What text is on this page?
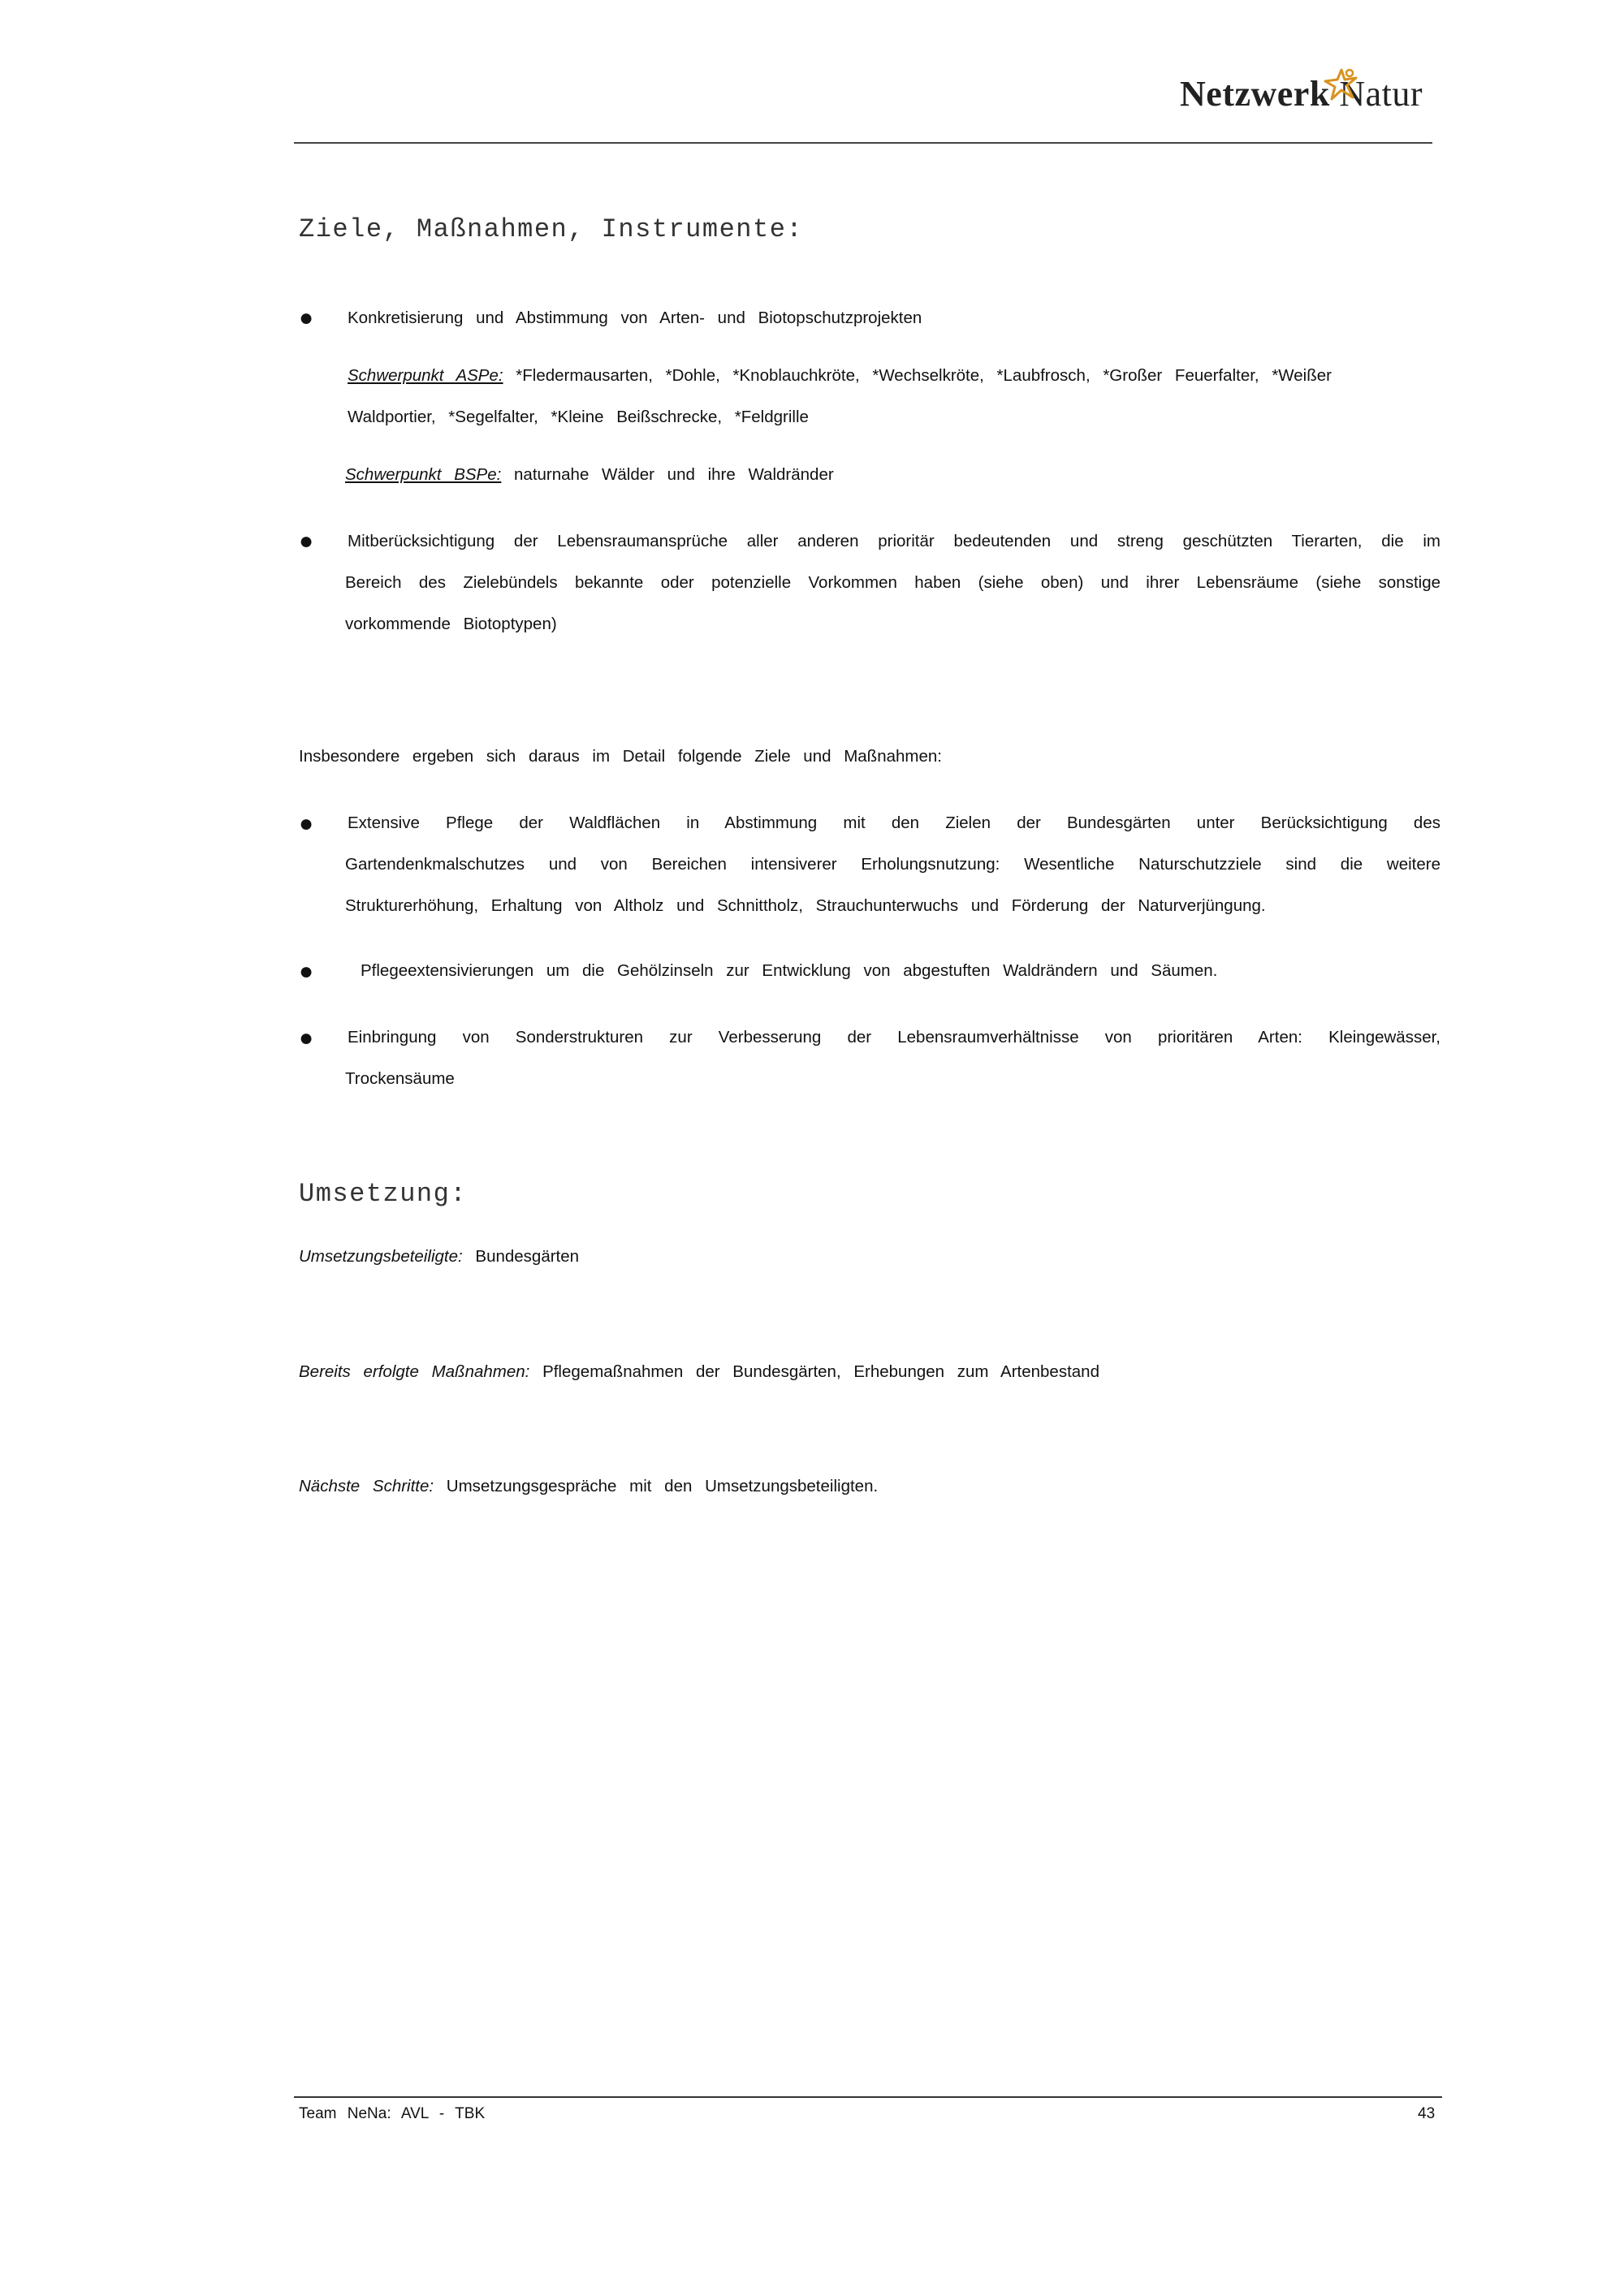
Netzwerk Natur
Ziele, Maßnahmen, Instrumente:
● Konkretisierung und Abstimmung von Arten- und Biotopschutzprojekten
Schwerpunkt ASPe: *Fledermausarten, *Dohle, *Knoblauchkröte, *Wechselkröte, *Laubfrosch, *Großer Feuerfalter, *Weißer
Waldportier, *Segelfalter, *Kleine Beißschrecke, *Feldgrille
Schwerpunkt BSPe: naturnahe Wälder und ihre Waldränder
● Mitberücksichtigung der Lebensraumansprüche aller anderen prioritär bedeutenden und streng geschützten Tierarten, die im
Bereich des Zielebündels bekannte oder potenzielle Vorkommen haben (siehe oben) und ihrer Lebensräume (siehe sonstige
vorkommende Biotoptypen)
Insbesondere ergeben sich daraus im Detail folgende Ziele und Maßnahmen:
● Extensive Pflege der Waldflächen in Abstimmung mit den Zielen der Bundesgärten unter Berücksichtigung des
Gartendenkmalschutzes und von Bereichen intensiverer Erholungsnutzung: Wesentliche Naturschutzziele sind die weitere
Strukturerhöhung, Erhaltung von Altholz und Schnittholz, Strauchunterwuchs und Förderung der Naturverjüngung.
●	Pflegeextensivierungen um die Gehölzinseln zur Entwicklung von abgestuften Waldrändern und Säumen.
● Einbringung von Sonderstrukturen zur Verbesserung der Lebensraumverhältnisse von prioritären Arten: Kleingewässer,
Trockensäume
Umsetzung:
Umsetzungsbeteiligte: Bundesgärten
Bereits erfolgte Maßnahmen: Pflegemaßnahmen der Bundesgärten, Erhebungen zum Artenbestand
Nächste Schritte: Umsetzungsgespräche mit den Umsetzungsbeteiligten.
Team NeNa: AVL - TBK	43
